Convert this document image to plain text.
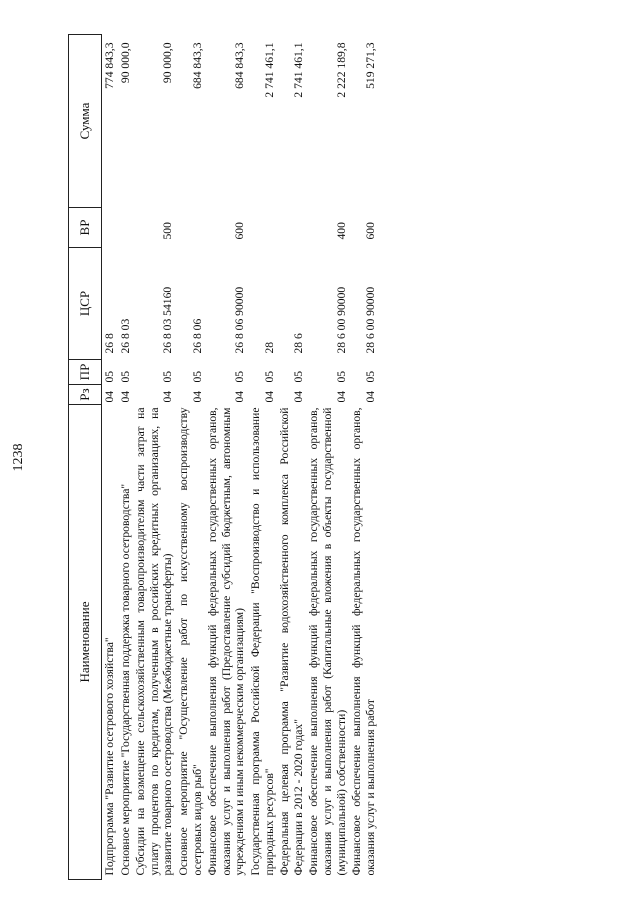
1238
Наименование	Рз	ПР	ЦСР	ВР	Сумма
Подпрограмма "Развитие осетрового хозяйства"	04	05	26 8		774 843,3
Основное мероприятие "Государственная поддержка товарного осетроводства"	04	05	26 8 03		90 000,0
Субсидии на возмещение сельскохозяйственным товаропроизводителям части затрат на уплату процентов по кредитам, полученным в российских кредитных организациях, на развитие товарного осетроводства (Межбюджетные трансферты)	04	05	26 8 03 54160	500	90 000,0
Основное мероприятие "Осуществление работ по искусственному воспроизводству осетровых видов рыб"	04	05	26 8 06		684 843,3
Финансовое обеспечение выполнения функций федеральных государственных органов, оказания услуг и выполнения работ (Предоставление субсидий бюджетным, автономным учреждениям и иным некоммерческим организациям)	04	05	26 8 06 90000	600	684 843,3
Государственная программа Российской Федерации "Воспроизводство и использование природных ресурсов"	04	05	28		2 741 461,1
Федеральная целевая программа "Развитие водохозяйственного комплекса Российской Федерации в 2012 - 2020 годах"	04	05	28 6		2 741 461,1
Финансовое обеспечение выполнения функций федеральных государственных органов, оказания услуг и выполнения работ (Капитальные вложения в объекты государственной (муниципальной) собственности)	04	05	28 6 00 90000	400	2 222 189,8
Финансовое обеспечение выполнения функций федеральных государственных органов, оказания услуг и выполнения работ	04	05	28 6 00 90000	600	519 271,3
